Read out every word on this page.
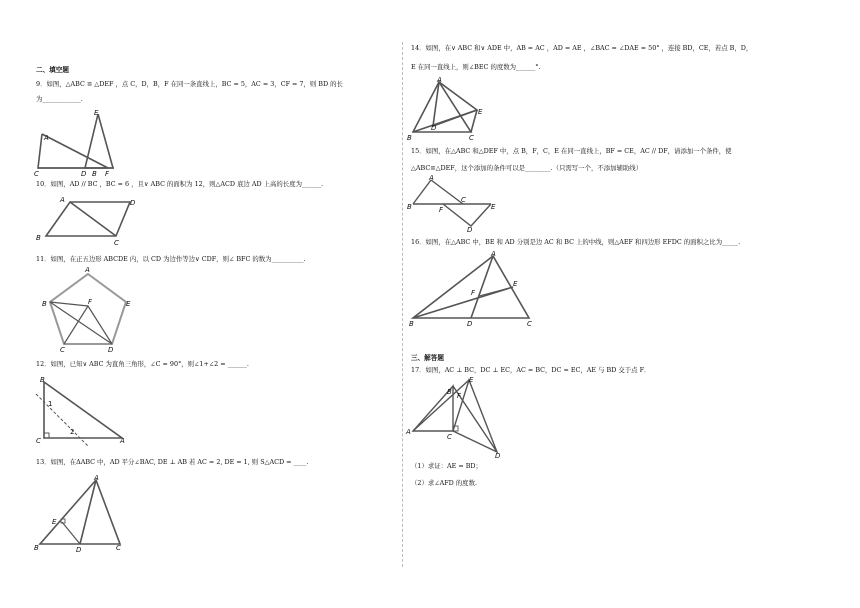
二、填空题
9．如图，△ABC ≌ △DEF ，点 C，D，B，F 在同一条直线上，BC = 5，AC = 3，CF = 7，则 BD 的长
为____________.
A
E
C	D B F
10．如图，AD // BC ，BC = 6 ，且∨ ABC 的面积为 12，则△ACD 底边 AD 上高的长度为______.
A	D
B
C
11．如图，在正五边形 ABCDE 内，以 CD 为边作等边∨ CDF，则∠ BFC 的数为__________.
A
B	F	E
C	D
12．如图，已知∨ ABC 为直角三角形，∠C = 90°，则∠1+∠2 = ______.
B
1
2
C	A
13．如图，在ΔABC 中，AD 平分∠BAC, DE ⊥ AB 若 AC = 2, DE = 1, 则 S△ACD = ____.
A
E
B	D	C
14．如图，在∨ ABC 和∨ ADE 中，AB = AC ，AD = AE ，∠BAC = ∠DAE = 50° ，连接 BD，CE，若点 B，D，
E 在同一直线上，则∠BEC 的度数为______°.
A
E
D
B	C
15．如图，在△ABC 和△DEF 中，点 B，F，C，E 在同一直线上，BF = CE，AC // DF，请添加一个条件，使
△ABC≌△DEF，这个添加的条件可以是________.（只需写一个，不添加辅助线）
A
B	F
C
E
D
16．如图，在△ABC 中，BE 和 AD 分别是边 AC 和 BC 上的中线，则△AEF 和四边形 EFDC 的面积之比为_____.
A
F
E
B	D	C
三、解答题
17．如图，AC ⊥ BC，DC ⊥ EC，AC = BC，DC = EC，AE 与 BD 交于点 F．
B F
E
A
C
D
（1）求证：AE = BD；
（2）求∠AFD 的度数.
